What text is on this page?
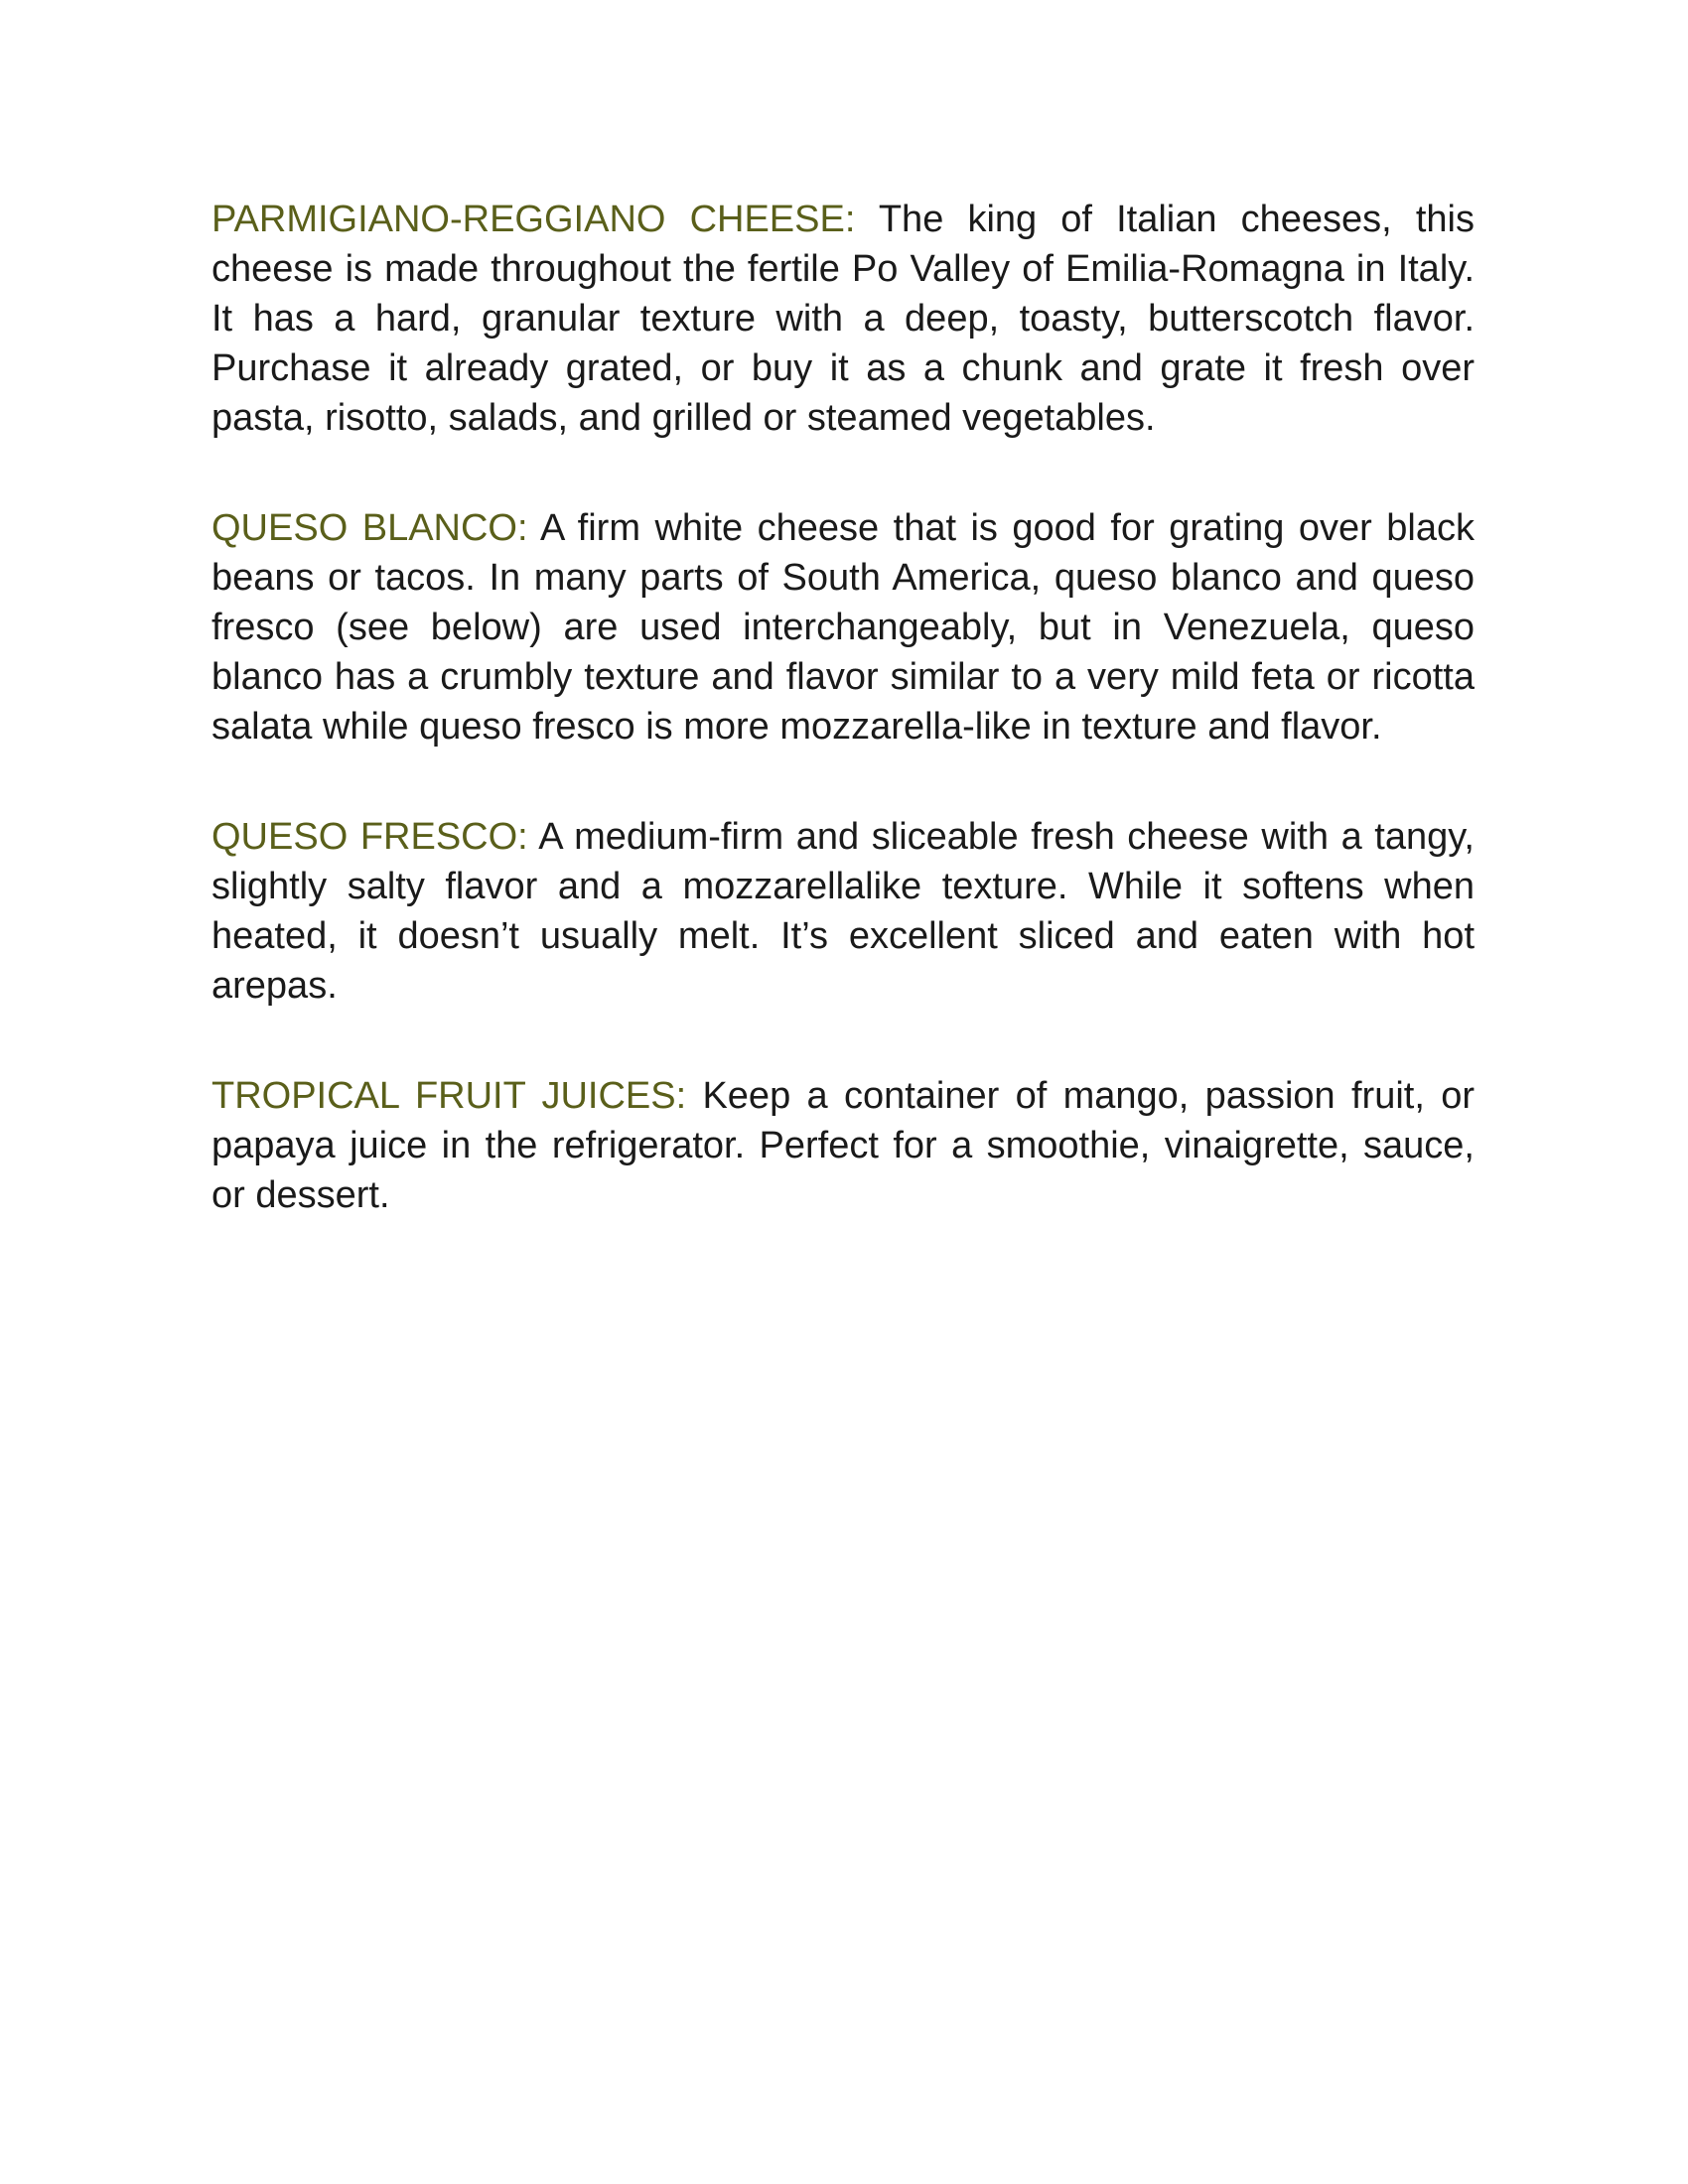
PARMIGIANO-REGGIANO CHEESE: The king of Italian cheeses, this cheese is made throughout the fertile Po Valley of Emilia-Romagna in Italy. It has a hard, granular texture with a deep, toasty, butterscotch flavor. Purchase it already grated, or buy it as a chunk and grate it fresh over pasta, risotto, salads, and grilled or steamed vegetables.

QUESO BLANCO: A firm white cheese that is good for grating over black beans or tacos. In many parts of South America, queso blanco and queso fresco (see below) are used interchangeably, but in Venezuela, queso blanco has a crumbly texture and flavor similar to a very mild feta or ricotta salata while queso fresco is more mozzarella-like in texture and flavor.

QUESO FRESCO: A medium-firm and sliceable fresh cheese with a tangy, slightly salty flavor and a mozzarellalike texture. While it softens when heated, it doesn’t usually melt. It’s excellent sliced and eaten with hot arepas.

TROPICAL FRUIT JUICES: Keep a container of mango, passion fruit, or papaya juice in the refrigerator. Perfect for a smoothie, vinaigrette, sauce, or dessert.
